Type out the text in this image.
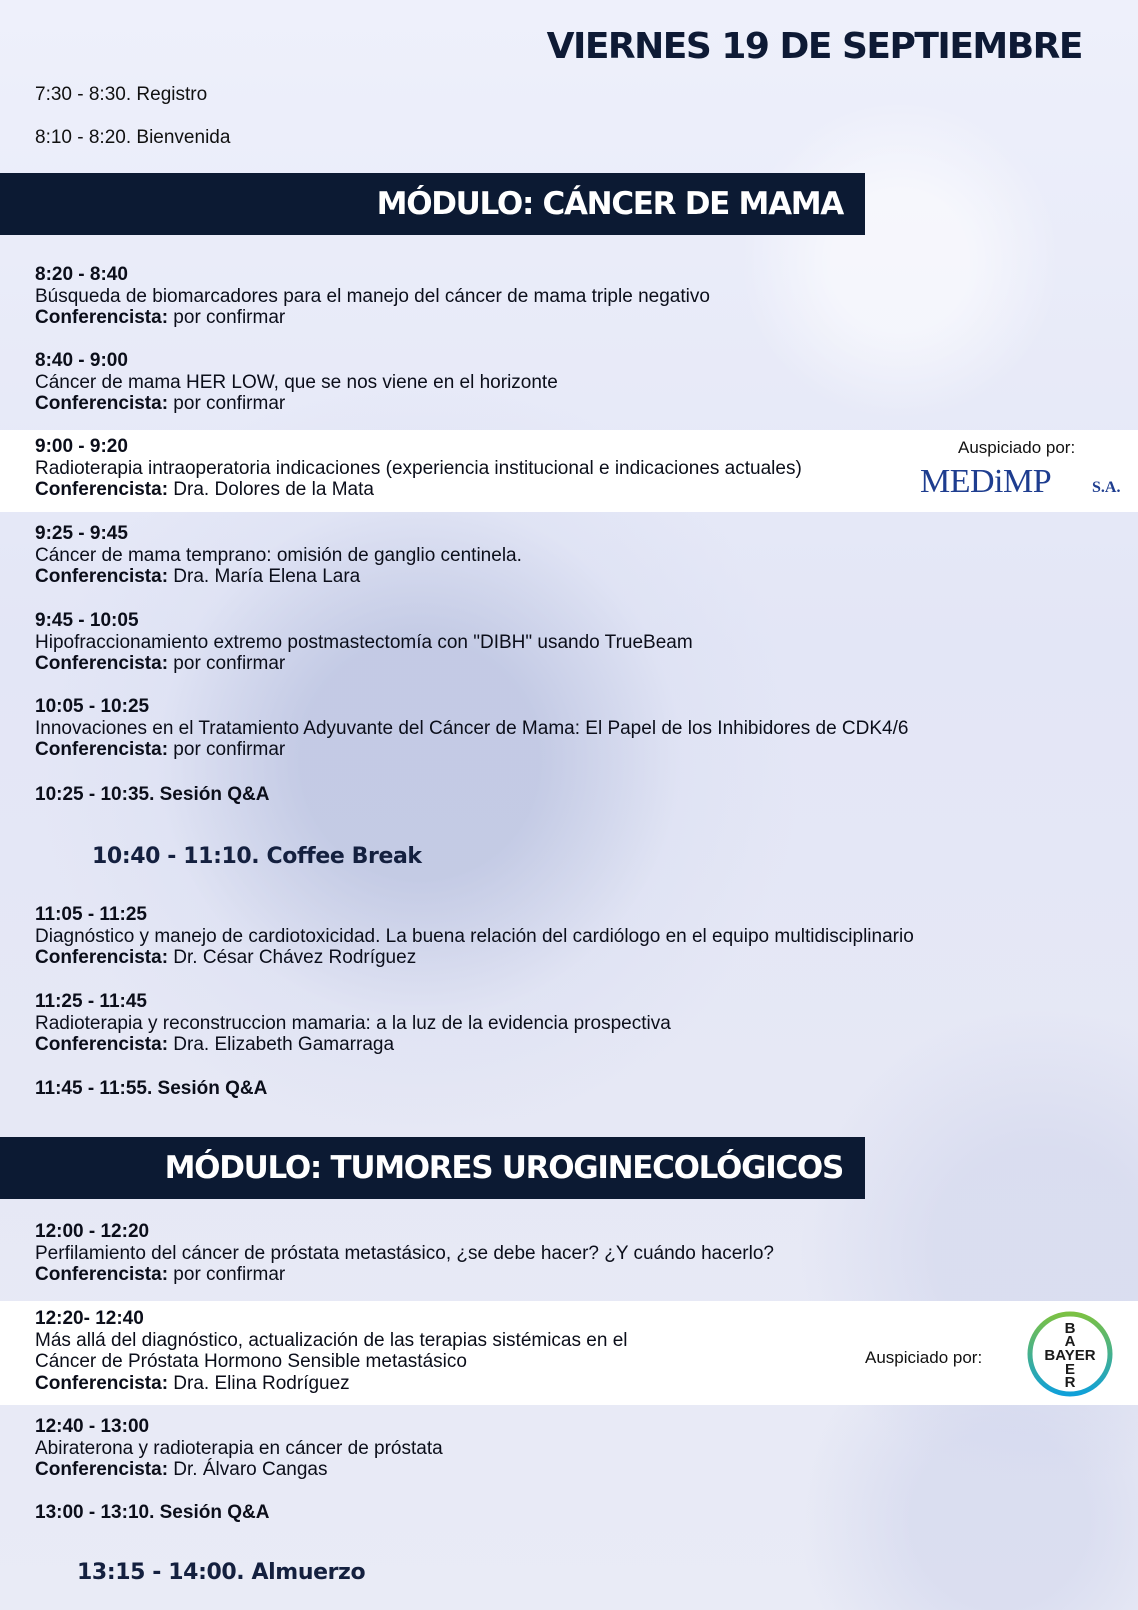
VIERNES 19 DE SEPTIEMBRE
7:30 - 8:30. Registro
8:10 - 8:20. Bienvenida
MÓDULO: CÁNCER DE MAMA
8:20 - 8:40
Búsqueda de biomarcadores para el manejo del cáncer de mama triple negativo
Conferencista: por confirmar
8:40 - 9:00
Cáncer de mama HER LOW, que se nos viene en el horizonte
Conferencista: por confirmar
9:00 - 9:20
Radioterapia intraoperatoria indicaciones (experiencia institucional e indicaciones actuales)
Conferencista: Dra. Dolores de la Mata
Auspiciado por:
MEDiMP	S.A.
9:25 - 9:45
Cáncer de mama temprano: omisión de ganglio centinela.
Conferencista: Dra. María Elena Lara
9:45 - 10:05
Hipofraccionamiento extremo postmastectomía con "DIBH" usando TrueBeam
Conferencista: por confirmar
10:05 - 10:25
Innovaciones en el Tratamiento Adyuvante del Cáncer de Mama: El Papel de los Inhibidores de CDK4/6
Conferencista: por confirmar
10:25 - 10:35. Sesión Q&A
10:40 - 11:10. Coffee Break
11:05 - 11:25
Diagnóstico y manejo de cardiotoxicidad. La buena relación del cardiólogo en el equipo multidisciplinario
Conferencista: Dr. César Chávez Rodríguez
11:25 - 11:45
Radioterapia y reconstruccion mamaria: a la luz de la evidencia prospectiva
Conferencista: Dra. Elizabeth Gamarraga
11:45 - 11:55. Sesión Q&A
MÓDULO: TUMORES UROGINECOLÓGICOS
12:00 - 12:20
Perfilamiento del cáncer de próstata metastásico, ¿se debe hacer? ¿Y cuándo hacerlo?
Conferencista: por confirmar
12:20- 12:40
Más allá del diagnóstico, actualización de las terapias sistémicas en el
Cáncer de Próstata Hormono Sensible metastásico
Conferencista: Dra. Elina Rodríguez
Auspiciado por:
B
A
BAYER
E
R
12:40 - 13:00
Abiraterona y radioterapia en cáncer de próstata
Conferencista: Dr. Álvaro Cangas
13:00 - 13:10. Sesión Q&A
13:15 - 14:00. Almuerzo
